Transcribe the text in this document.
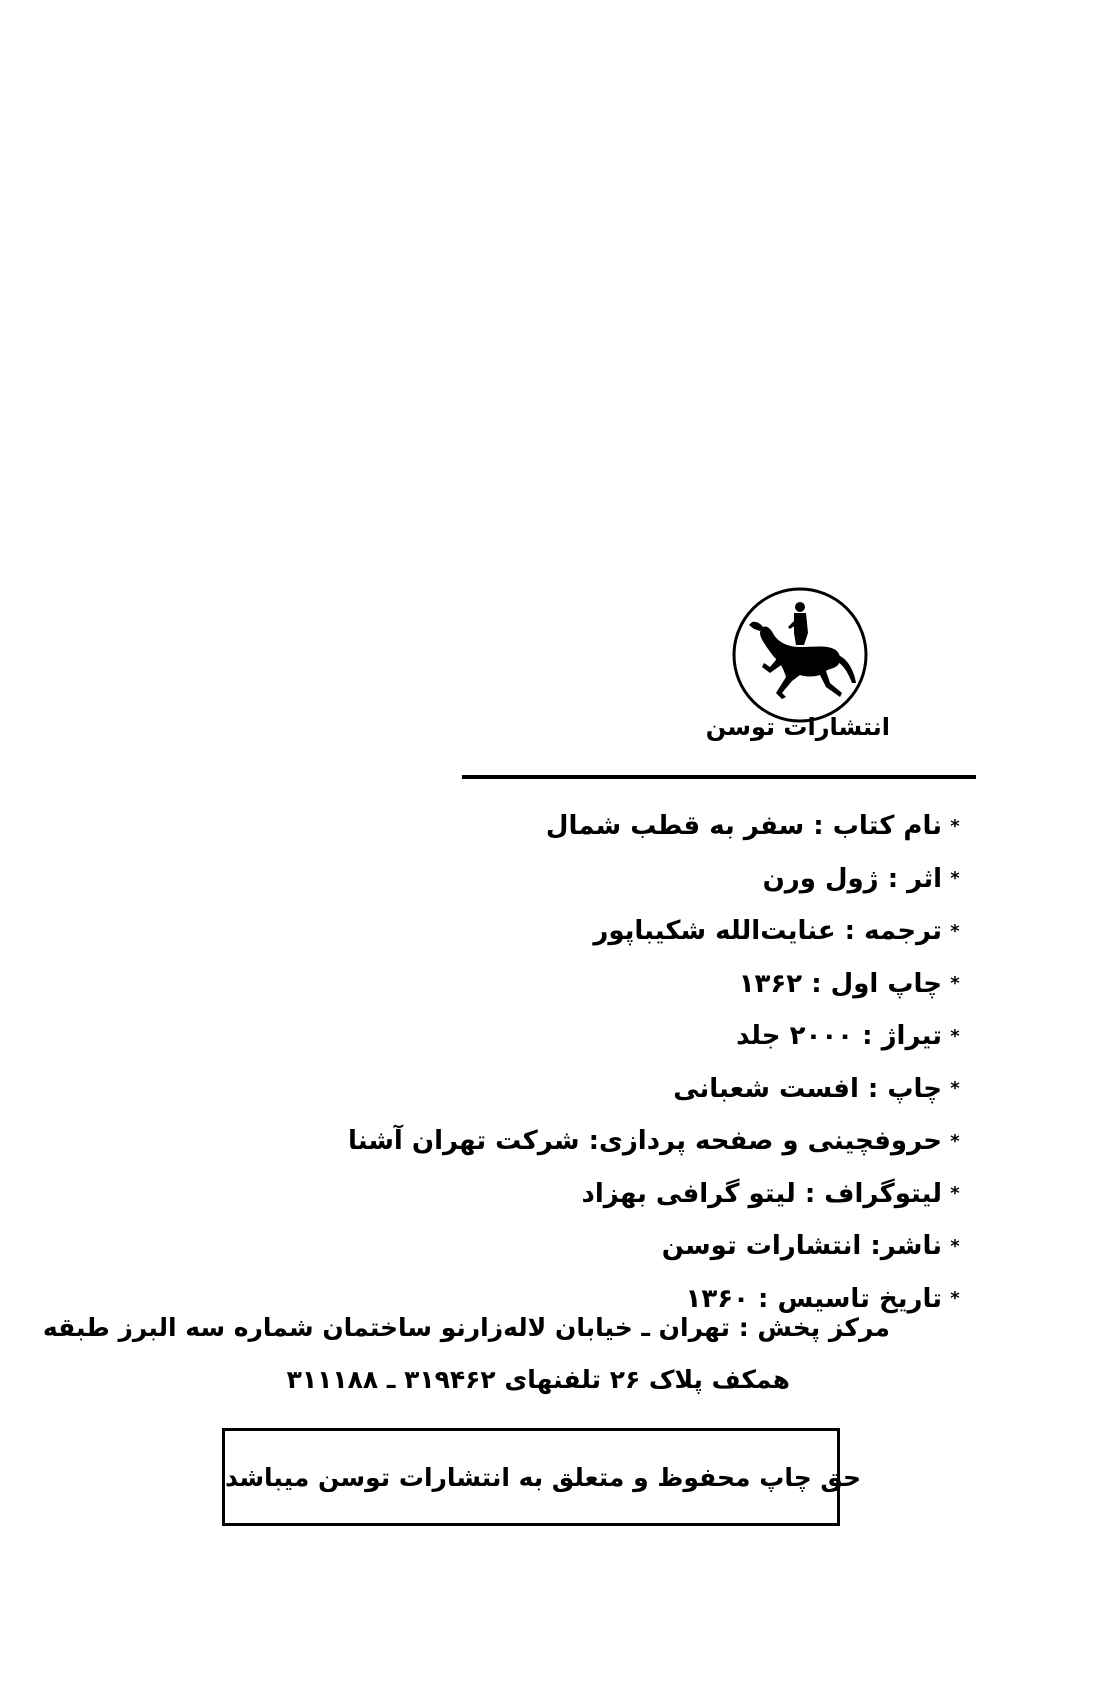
انتشارات توسن
*
نام کتاب : سفر به قطب شمال
*
اثر : ژول ورن
*
ترجمه : عنایت‌الله شکیباپور
*
چاپ اول : ۱۳۶۲
*
تیراژ : ۲۰۰۰ جلد
*
چاپ : افست شعبانی
*
حروفچینی و صفحه پردازی: شرکت تهران آشنا
*
لیتوگراف : لیتو گرافی بهزاد
*
ناشر: انتشارات توسن
*
تاریخ تاسیس : ۱۳۶۰
مرکز پخش : تهران ـ خیابان لاله‌زارنو ساختمان شماره سه البرز طبقه
همکف پلاک ۲۶ تلفنهای ۳۱۹۴۶۲ ـ ۳۱۱۱۸۸
حق چاپ محفوظ و متعلق به انتشارات توسن میباشد
